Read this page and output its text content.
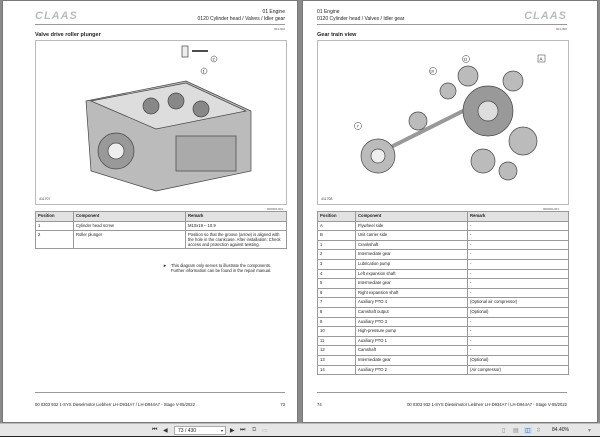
CLAAS	01 Engine
0120 Cylinder head / Valves / Idler gear
001-002
Valve drive roller plunger
2
1
411707
000000-001
Position	Component	Remark
1	Cylinder head screw	M10x19 – 10.9
2	Roller plunger	Position so that the groove (arrow) is aligned with the hole in the crankcase. After installation: Check access and protection against twisting.
► This diagram only serves to illustrate the components. Further information can be found in the repair manual.
00 0303 932 1-SYS Dieselmotor Liebherr LH-D934A7 / LH-D944A7 - Stage V-05/2022	73
CLAAS
01 Engine
0120 Cylinder head / Valves / Idler gear
001-002
Gear train view
A
7
10
11
411708
000000-001
Position	Component	Remark
A	Flywheel side	-
B	Unit carrier side	-
1	Crankshaft	-
2	Intermediate gear	-
3	Lubrication pump	-
4	Left expansion shaft	-
5	Intermediate gear	-
6	Right expansion shaft	-
7	Auxiliary PTO 4	(Optional air compressor)
8	Camshaft output	(Optional)
9	Auxiliary PTO 3	-
10	High-pressure pump	-
11	Auxiliary PTO 1	-
12	Camshaft	-
13	Intermediate gear	(Optional)
14	Auxiliary PTO 2	(Air compressor)
74	00 0303 932 1-SYS Dieselmotor Liebherr LH-D934A7 / LH-D944A7 - Stage V-05/2022
⏮ ◀	73 / 430	▾ ▶ ⏭ ⧉ ▭	▯ ▤ ◫ ⇳ 84.40%	▾
